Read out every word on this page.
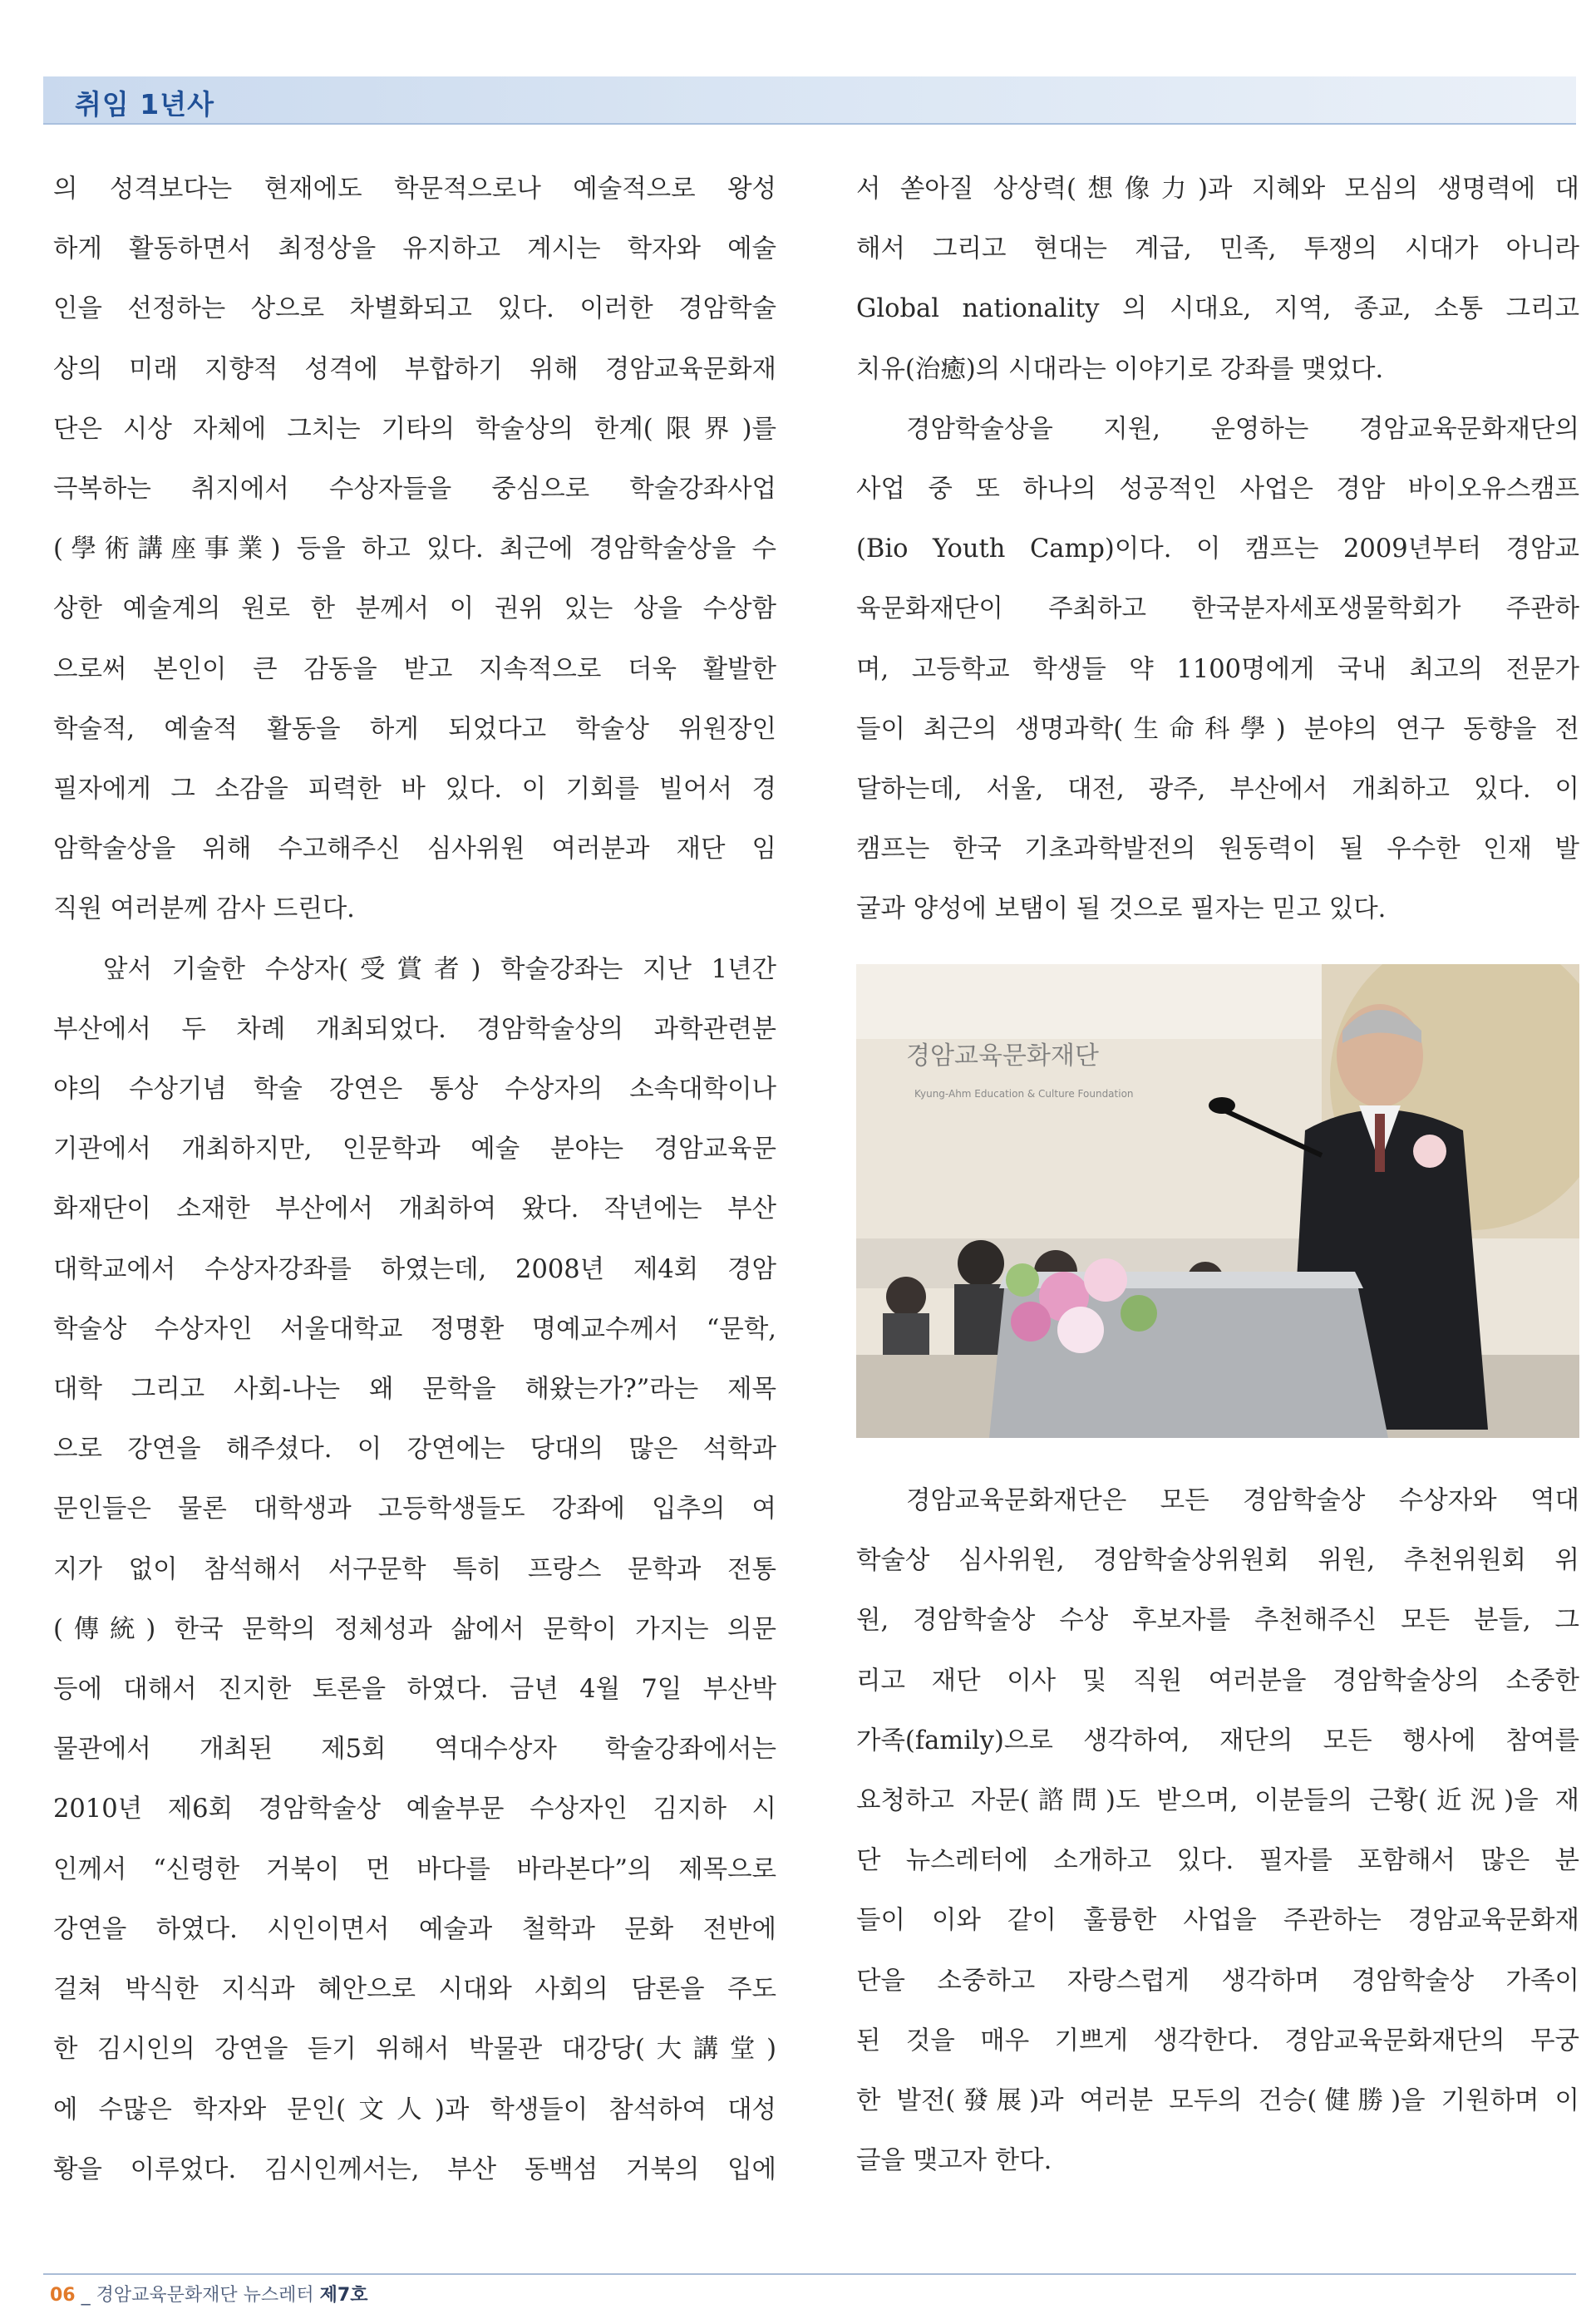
취임 1년사
의 성격보다는 현재에도 학문적으로나 예술적으로 왕성
하게 활동하면서 최정상을 유지하고 계시는 학자와 예술
인을 선정하는 상으로 차별화되고 있다. 이러한 경암학술
상의 미래 지향적 성격에 부합하기 위해 경암교육문화재
단은 시상 자체에 그치는 기타의 학술상의 한계(限界)를
극복하는 취지에서 수상자들을 중심으로 학술강좌사업
(學術講座事業) 등을 하고 있다. 최근에 경암학술상을 수
상한 예술계의 원로 한 분께서 이 권위 있는 상을 수상함
으로써 본인이 큰 감동을 받고 지속적으로 더욱 활발한
학술적, 예술적 활동을 하게 되었다고 학술상 위원장인
필자에게 그 소감을 피력한 바 있다. 이 기회를 빌어서 경
암학술상을 위해 수고해주신 심사위원 여러분과 재단 임
직원 여러분께 감사 드린다.
앞서 기술한 수상자(受賞者) 학술강좌는 지난 1년간
부산에서 두 차례 개최되었다. 경암학술상의 과학관련분
야의 수상기념 학술 강연은 통상 수상자의 소속대학이나
기관에서 개최하지만, 인문학과 예술 분야는 경암교육문
화재단이 소재한 부산에서 개최하여 왔다. 작년에는 부산
대학교에서 수상자강좌를 하였는데, 2008년 제4회 경암
학술상 수상자인 서울대학교 정명환 명예교수께서 “문학,
대학 그리고 사회-나는 왜 문학을 해왔는가?”라는 제목
으로 강연을 해주셨다. 이 강연에는 당대의 많은 석학과
문인들은 물론 대학생과 고등학생들도 강좌에 입추의 여
지가 없이 참석해서 서구문학 특히 프랑스 문학과 전통
(傳統) 한국 문학의 정체성과 삶에서 문학이 가지는 의문
등에 대해서 진지한 토론을 하였다. 금년 4월 7일 부산박
물관에서 개최된 제5회 역대수상자 학술강좌에서는
2010년 제6회 경암학술상 예술부문 수상자인 김지하 시
인께서 “신령한 거북이 먼 바다를 바라본다”의 제목으로
강연을 하였다. 시인이면서 예술과 철학과 문화 전반에
걸쳐 박식한 지식과 혜안으로 시대와 사회의 담론을 주도
한 김시인의 강연을 듣기 위해서 박물관 대강당(大講堂)
에 수많은 학자와 문인(文人)과 학생들이 참석하여 대성
황을 이루었다. 김시인께서는, 부산 동백섬 거북의 입에
서 쏟아질 상상력(想像力)과 지혜와 모심의 생명력에 대
해서 그리고 현대는 계급, 민족, 투쟁의 시대가 아니라
Global nationality 의 시대요, 지역, 종교, 소통 그리고
치유(治癒)의 시대라는 이야기로 강좌를 맺었다.
경암학술상을 지원, 운영하는 경암교육문화재단의
사업 중 또 하나의 성공적인 사업은 경암 바이오유스캠프
(Bio Youth Camp)이다. 이 캠프는 2009년부터 경암교
육문화재단이 주최하고 한국분자세포생물학회가 주관하
며, 고등학교 학생들 약 1100명에게 국내 최고의 전문가
들이 최근의 생명과학(生命科學) 분야의 연구 동향을 전
달하는데, 서울, 대전, 광주, 부산에서 개최하고 있다. 이
캠프는 한국 기초과학발전의 원동력이 될 우수한 인재 발
굴과 양성에 보탬이 될 것으로 필자는 믿고 있다.
경암교육문화재단
Kyung-Ahm Education & Culture Foundation
경암교육문화재단은 모든 경암학술상 수상자와 역대
학술상 심사위원, 경암학술상위원회 위원, 추천위원회 위
원, 경암학술상 수상 후보자를 추천해주신 모든 분들, 그
리고 재단 이사 및 직원 여러분을 경암학술상의 소중한
가족(family)으로 생각하여, 재단의 모든 행사에 참여를
요청하고 자문(諮問)도 받으며, 이분들의 근황(近況)을 재
단 뉴스레터에 소개하고 있다. 필자를 포함해서 많은 분
들이 이와 같이 훌륭한 사업을 주관하는 경암교육문화재
단을 소중하고 자랑스럽게 생각하며 경암학술상 가족이
된 것을 매우 기쁘게 생각한다. 경암교육문화재단의 무궁
한 발전(發展)과 여러분 모두의 건승(健勝)을 기원하며 이
글을 맺고자 한다.
06 _ 경암교육문화재단 뉴스레터 제7호
